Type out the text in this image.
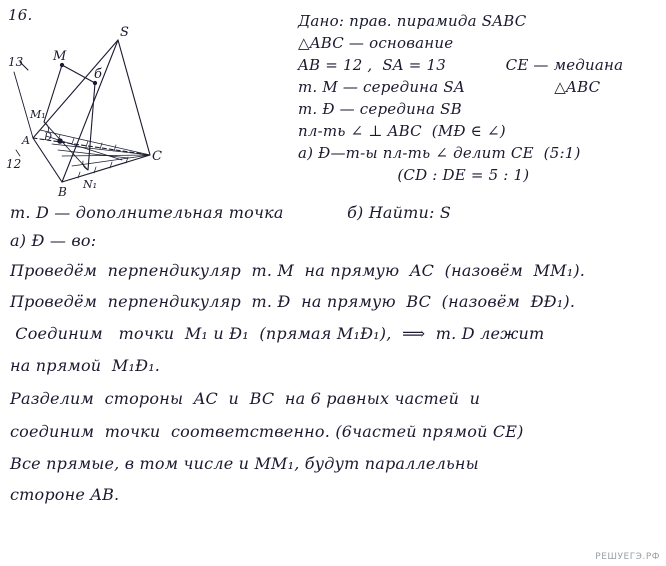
16.
S
M
б
M₁
N₁
13
12
A
B
C
D
Дано: прав. пирамида SABC
△ABC — основание
AB = 12 ,  SA = 13            CE — медиана
т. M — середина SA                  △ABC
т. Ɖ — середина SB
пл-ть ∠ ⊥ ABC  (MƉ ∈ ∠)
а) Ɖ—т-ы пл-ть ∠ делит CE  (5:1)
(CD : DE = 5 : 1)
т. D — дополнительная точка            б) Найти: S
а) Ɖ — во:
Проведём  перпендикуляр  т. M  на прямую  AC  (назовём  MM₁).
Проведём  перпендикуляр  т. Ɖ  на прямую  BC  (назовём  ƉƉ₁).
Соединим   точки  M₁ и Ɖ₁  (прямая M₁Ɖ₁),  ⟹  т. D лежит
на прямой  M₁Ɖ₁.
Разделим  стороны  AC  и  BC  на 6 равных частей  и
соединим  точки  соответственно. (6частей прямой CE)
Все прямые, в том числе и MM₁, будут параллельны
стороне AB.
РЕШУЕГЭ.РФ
